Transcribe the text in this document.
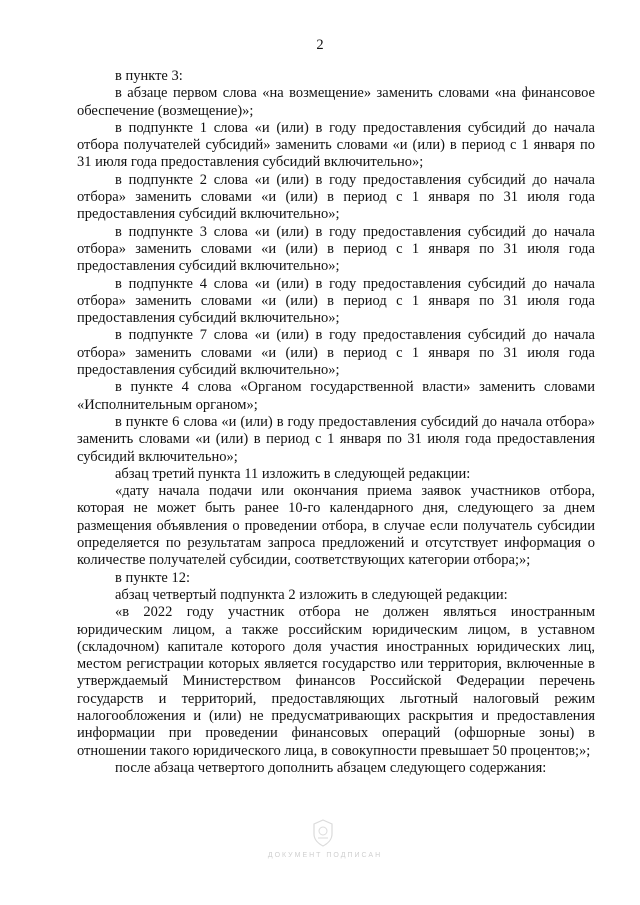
2

в пункте 3:

в абзаце первом слова «на возмещение» заменить словами «на финансовое обеспечение (возмещение)»;

в подпункте 1 слова «и (или) в году предоставления субсидий до начала отбора получателей субсидий» заменить словами «и (или) в период с 1 января по 31 июля года предоставления субсидий включительно»;

в подпункте 2 слова «и (или) в году предоставления субсидий до начала отбора» заменить словами «и (или) в период с 1 января по 31 июля года предоставления субсидий включительно»;

в подпункте 3 слова «и (или) в году предоставления субсидий до начала отбора» заменить словами «и (или) в период с 1 января по 31 июля года предоставления субсидий включительно»;

в подпункте 4 слова «и (или) в году предоставления субсидий до начала отбора» заменить словами «и (или) в период с 1 января по 31 июля года предоставления субсидий включительно»;

в подпункте 7 слова «и (или) в году предоставления субсидий до начала отбора» заменить словами «и (или) в период с 1 января по 31 июля года предоставления субсидий включительно»;

в пункте 4 слова «Органом государственной власти» заменить словами «Исполнительным органом»;

в пункте 6 слова «и (или) в году предоставления субсидий до начала отбора» заменить словами «и (или) в период с 1 января по 31 июля года предоставления субсидий включительно»;

абзац третий пункта 11 изложить в следующей редакции:

«дату начала подачи или окончания приема заявок участников отбора, которая не может быть ранее 10-го календарного дня, следующего за днем размещения объявления о проведении отбора, в случае если получатель субсидии определяется по результатам запроса предложений и отсутствует информация о количестве получателей субсидии, соответствующих категории отбора;»;

в пункте 12:

абзац четвертый подпункта 2 изложить в следующей редакции:

«в 2022 году участник отбора не должен являться иностранным юридическим лицом, а также российским юридическим лицом, в уставном (складочном) капитале которого доля участия иностранных юридических лиц, местом регистрации которых является государство или территория, включенные в утверждаемый Министерством финансов Российской Федерации перечень государств и территорий, предоставляющих льготный налоговый режим налогообложения и (или) не предусматривающих раскрытия и предоставления информации при проведении финансовых операций (офшорные зоны) в отношении такого юридического лица, в совокупности превышает 50 процентов;»;

после абзаца четвертого дополнить абзацем следующего содержания:

ДОКУМЕНТ ПОДПИСАН
